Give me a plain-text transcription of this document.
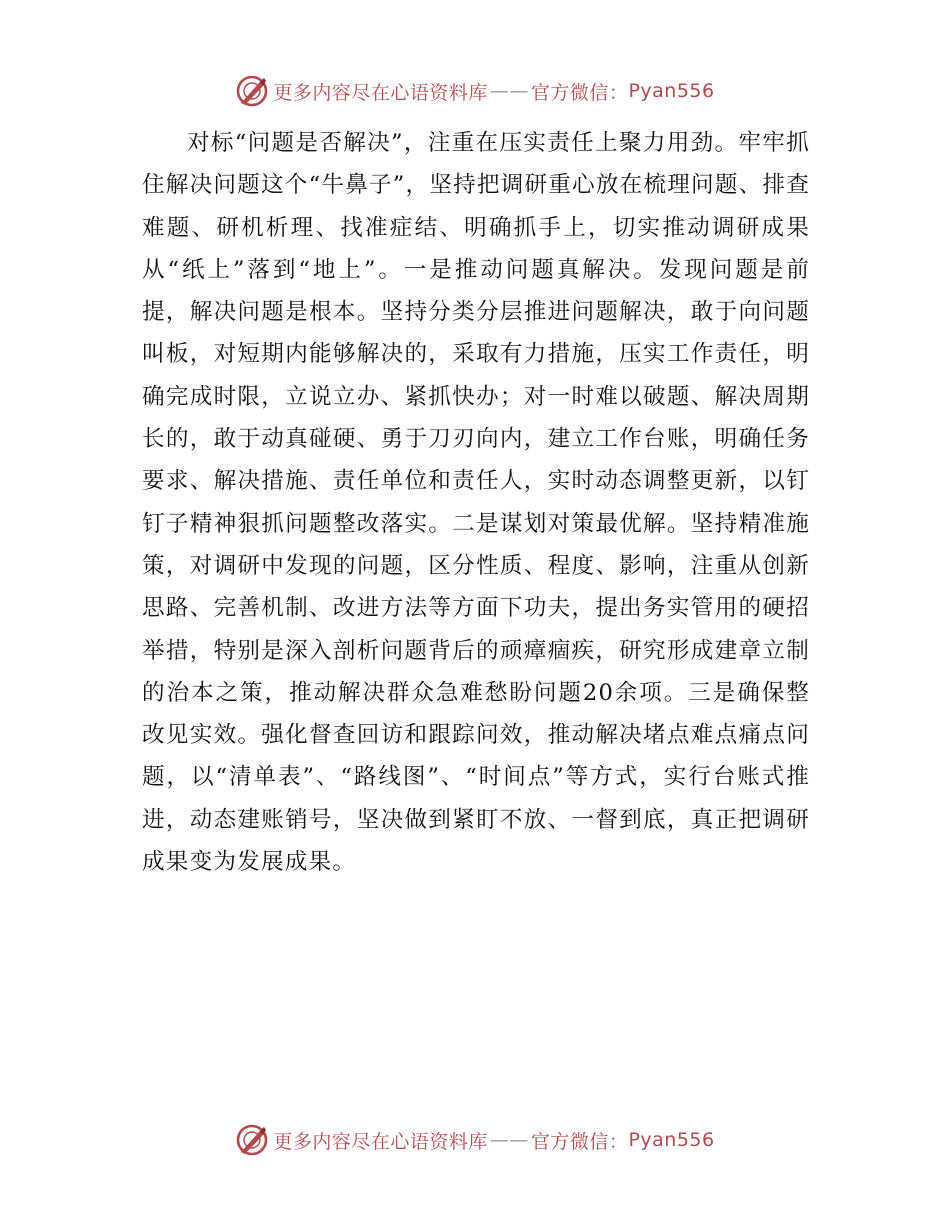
更多内容尽在心语资料库 —— 官方微信： Pyan556

对标“问题是否解决”，注重在压实责任上聚力用劲。牢牢抓住解决问题这个“牛鼻子”，坚持把调研重心放在梳理问题、排查难题、研机析理、找准症结、明确抓手上，切实推动调研成果从“纸上”落到“地上”。一是推动问题真解决。发现问题是前提，解决问题是根本。坚持分类分层推进问题解决，敢于向问题叫板，对短期内能够解决的，采取有力措施，压实工作责任，明确完成时限，立说立办、紧抓快办；对一时难以破题、解决周期长的，敢于动真碰硬、勇于刀刃向内，建立工作台账，明确任务要求、解决措施、责任单位和责任人，实时动态调整更新，以钉钉子精神狠抓问题整改落实。二是谋划对策最优解。坚持精准施策，对调研中发现的问题，区分性质、程度、影响，注重从创新思路、完善机制、改进方法等方面下功夫，提出务实管用的硬招举措，特别是深入剖析问题背后的顽瘴痼疾，研究形成建章立制的治本之策，推动解决群众急难愁盼问题20余项。三是确保整改见实效。强化督查回访和跟踪问效，推动解决堵点难点痛点问题，以“清单表”、“路线图”、“时间点”等方式，实行台账式推进，动态建账销号，坚决做到紧盯不放、一督到底，真正把调研成果变为发展成果。

更多内容尽在心语资料库 —— 官方微信： Pyan556
